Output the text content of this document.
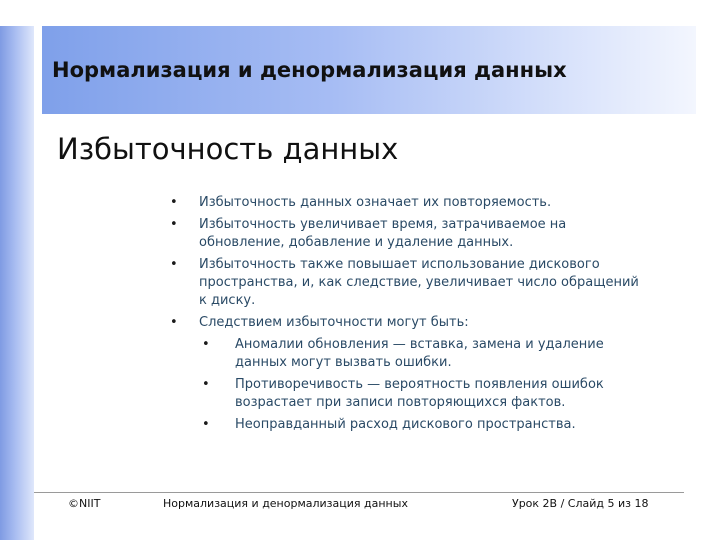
Нормализация и денормализация данных
Избыточность данных
• Избыточность данных означает их повторяемость.
• Избыточность увеличивает время, затрачиваемое на
обновление, добавление и удаление данных.
• Избыточность также повышает использование дискового
пространства, и, как следствие, увеличивает число обращений
к диску.
• Следствием избыточности могут быть:
• Аномалии обновления — вставка, замена и удаление
данных могут вызвать ошибки.
• Противоречивость — вероятность появления ошибок
возрастает при записи повторяющихся фактов.
• Неоправданный расход дискового пространства.
©NIIT	Нормализация и денормализация данных	Урок 2B / Слайд 5 из 18
